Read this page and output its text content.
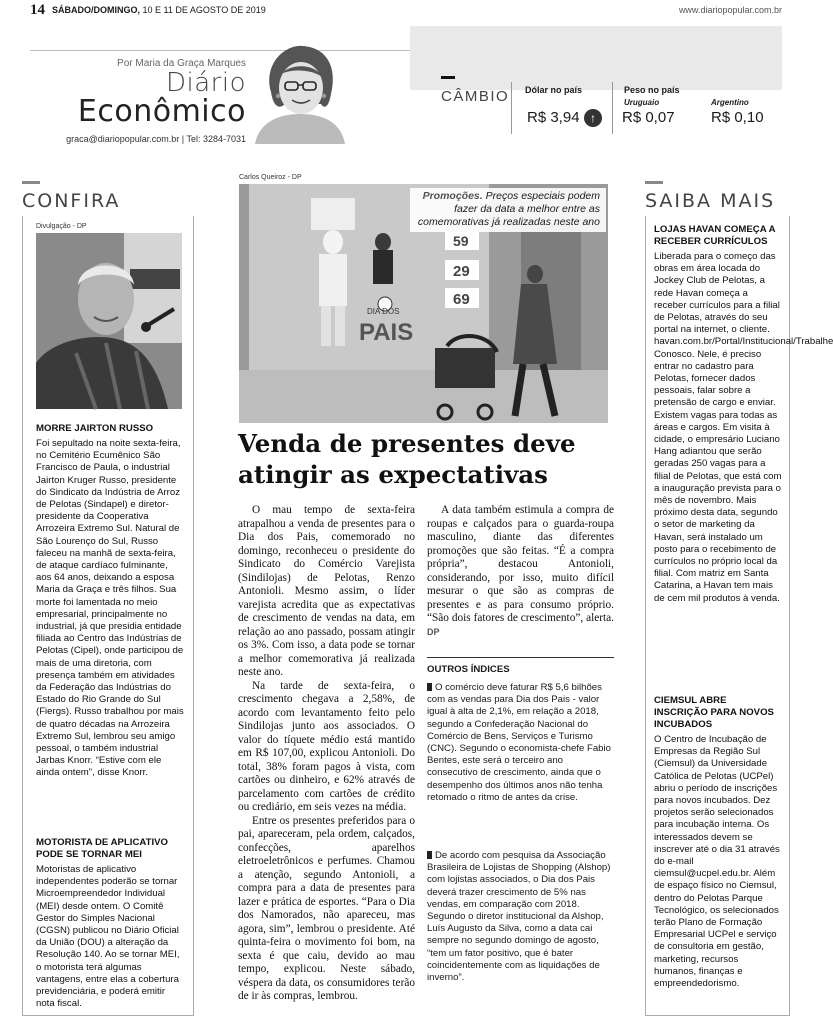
14 SÁBADO/DOMINGO, 10 E 11 DE AGOSTO DE 2019	www.diariopopular.com.br
Por Maria da Graça Marques
Diário
Econômico
graca@diariopopular.com.br | Tel: 3284-7031
CÂMBIO Dólar no país
R$ 3,94 ↑
Peso no país
Uruguaio
R$ 0,07
Argentino
R$ 0,10
CONFIRA
Divulgação - DP
MORRE JAIRTON RUSSO

Foi sepultado na noite sexta-feira, no Cemitério Ecumênico São Francisco de Paula, o industrial Jairton Kruger Russo, presidente do Sindicato da Indústria de Arroz de Pelotas (Sindapel) e diretor-presidente da Cooperativa Arrozeira Extremo Sul. Natural de São Lourenço do Sul, Russo faleceu na manhã de sexta-feira, de ataque cardíaco fulminante, aos 64 anos, deixando a esposa Maria da Graça e três filhos. Sua morte foi lamentada no meio empresarial, principalmente no industrial, já que presidia entidade filiada ao Centro das Indústrias de Pelotas (Cipel), onde participou de mais de uma diretoria, com presença também em atividades da Federação das Indústrias do Estado do Rio Grande do Sul (Fiergs). Russo trabalhou por mais de quatro décadas na Arrozeira Extremo Sul, lembrou seu amigo pessoal, o também industrial Jarbas Knorr. “Estive com ele ainda ontem”, disse Knorr.

MOTORISTA DE APLICATIVO PODE SE TORNAR MEI

Motoristas de aplicativo independentes poderão se tornar Microempreendedor Individual (MEI) desde ontem. O Comitê Gestor do Simples Nacional (CGSN) publicou no Diário Oficial da União (DOU) a alteração da Resolução 140. Ao se tornar MEI, o motorista terá algumas vantagens, entre elas a cobertura previdenciária, e poderá emitir nota fiscal.

Carlos Queiroz - DP
59
29
69
DIA DOS
PAIS
Promoções. Preços especiais podem fazer da data a melhor entre as comemorativas já realizadas neste ano
Venda de presentes deve atingir as expectativas

O mau tempo de sexta-feira atrapalhou a venda de presentes para o Dia dos Pais, comemorado no domingo, reconheceu o presidente do Sindicato do Comércio Varejista (Sindilojas) de Pelotas, Renzo Antonioli. Mesmo assim, o líder varejista acredita que as expectativas de crescimento de vendas na data, em relação ao ano passado, possam atingir os 3%. Com isso, a data pode se tornar a melhor comemorativa já realizada neste ano.

Na tarde de sexta-feira, o crescimento chegava a 2,58%, de acordo com levantamento feito pelo Sindilojas junto aos associados. O valor do tíquete médio está mantido em R$ 107,00, explicou Antonioli. Do total, 38% foram pagos à vista, com cartões ou dinheiro, e 62% através de parcelamento com cartões de crédito ou crediário, em seis vezes na média.

Entre os presentes preferidos para o pai, apareceram, pela ordem, calçados, confecções, aparelhos eletroeletrônicos e perfumes. Chamou a atenção, segundo Antonioli, a compra para a data de presentes para lazer e prática de esportes. “Para o Dia dos Namorados, não apareceu, mas agora, sim”, lembrou o presidente. Até quinta-feira o movimento foi bom, na sexta é que caiu, devido ao mau tempo, explicou. Neste sábado, véspera da data, os consumidores terão de ir às compras, lembrou.

A data também estimula a compra de roupas e calçados para o guarda-roupa masculino, diante das diferentes promoções que são feitas. “É a compra própria”, destacou Antonioli, considerando, por isso, muito difícil mesurar o que são as compras de presentes e as para consumo próprio. “São dois fatores de crescimento”, alerta. DP

OUTROS ÍNDICES
O comércio deve faturar R$ 5,6 bilhões com as vendas para Dia dos Pais - valor igual à alta de 2,1%, em relação a 2018, segundo a Confederação Nacional do Comércio de Bens, Serviços e Turismo (CNC). Segundo o economista-chefe Fabio Bentes, este será o terceiro ano consecutivo de crescimento, ainda que o desempenho dos últimos anos não tenha retomado o ritmo de antes da crise.
De acordo com pesquisa da Associação Brasileira de Lojistas de Shopping (Alshop) com lojistas associados, o Dia dos Pais deverá trazer crescimento de 5% nas vendas, em comparação com 2018. Segundo o diretor institucional da Alshop, Luís Augusto da Silva, como a data cai sempre no segundo domingo de agosto, “tem um fator positivo, que é bater coincidentemente com as liquidações de inverno”.
SAIBA MAIS
LOJAS HAVAN COMEÇA A RECEBER CURRÍCULOS

Liberada para o começo das obras em área locada do Jockey Club de Pelotas, a rede Havan começa a receber currículos para a filial de Pelotas, através do seu portal na internet, o cliente. havan.com.br/Portal/Institucional/Trabalhe Conosco. Nele, é preciso entrar no cadastro para Pelotas, fornecer dados pessoais, falar sobre a pretensão de cargo e enviar. Existem vagas para todas as áreas e cargos. Em visita à cidade, o empresário Luciano Hang adiantou que serão geradas 250 vagas para a filial de Pelotas, que está com a inauguração prevista para o mês de novembro. Mais próximo desta data, segundo o setor de marketing da Havan, será instalado um posto para o recebimento de currículos no próprio local da filial. Com matriz em Santa Catarina, a Havan tem mais de cem mil produtos à venda.

CIEMSUL ABRE INSCRIÇÃO PARA NOVOS INCUBADOS

O Centro de Incubação de Empresas da Região Sul (Ciemsul) da Universidade Católica de Pelotas (UCPel) abriu o período de inscrições para novos incubados. Dez projetos serão selecionados para incubação interna. Os interessados devem se inscrever até o dia 31 através do e-mail ciemsul@ucpel.edu.br. Além de espaço físico no Ciemsul, dentro do Pelotas Parque Tecnológico, os selecionados terão Plano de Formação Empresarial UCPel e serviço de consultoria em gestão, marketing, recursos humanos, finanças e empreendedorismo.
